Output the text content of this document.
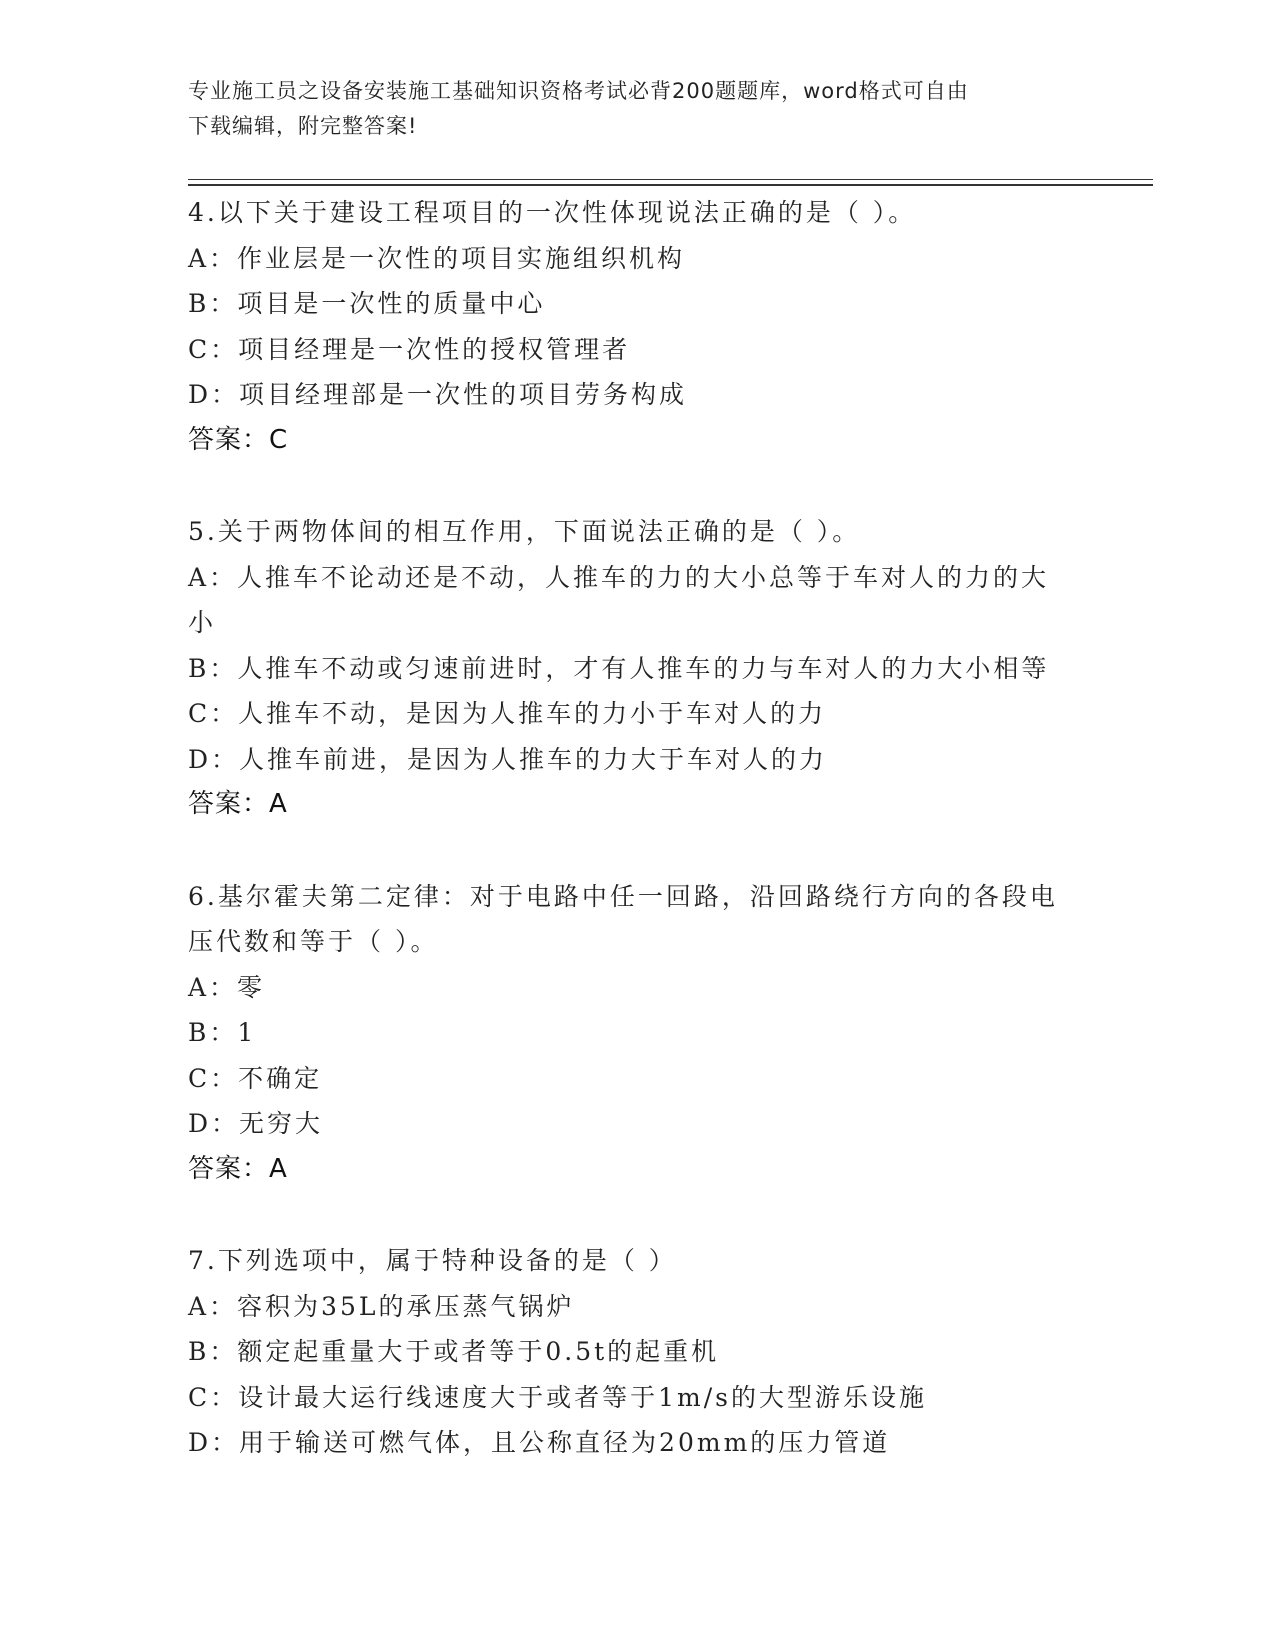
专业施工员之设备安装施工基础知识资格考试必背200题题库，word格式可自由
下载编辑，附完整答案!
4.以下关于建设工程项目的一次性体现说法正确的是（ ）。
A：作业层是一次性的项目实施组织机构
B：项目是一次性的质量中心
C：项目经理是一次性的授权管理者
D：项目经理部是一次性的项目劳务构成
答案：C
5.关于两物体间的相互作用，下面说法正确的是（ ）。
A：人推车不论动还是不动，人推车的力的大小总等于车对人的力的大小
B：人推车不动或匀速前进时，才有人推车的力与车对人的力大小相等
C：人推车不动，是因为人推车的力小于车对人的力
D：人推车前进，是因为人推车的力大于车对人的力
答案：A
6.基尔霍夫第二定律：对于电路中任一回路，沿回路绕行方向的各段电压代数和等于（ ）。
A：零
B：1
C：不确定
D：无穷大
答案：A
7.下列选项中，属于特种设备的是（ ）
A：容积为35L的承压蒸气锅炉
B：额定起重量大于或者等于0.5t的起重机
C：设计最大运行线速度大于或者等于1m/s的大型游乐设施
D：用于输送可燃气体，且公称直径为20mm的压力管道
